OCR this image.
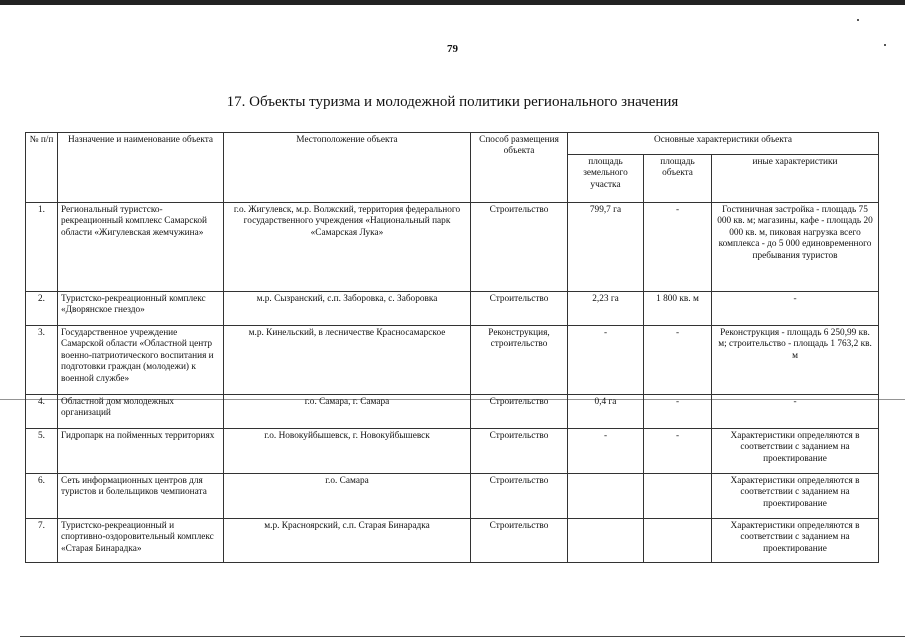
79
17. Объекты туризма и молодежной политики регионального значения
№ п/п	Назначение и наименование объекта	Местоположение объекта	Способ размещения объекта	Основные характеристики объекта		
				площадь земельного участка	площадь объекта	иные характеристики
1.	Региональный туристско-рекреационный комплекс Самарской области «Жигулевская жемчужина»	г.о. Жигулевск, м.р. Волжский, территория федерального государственного учреждения «Национальный парк «Самарская Лука»	Строительство	799,7 га	-	Гостиничная застройка - площадь 75 000 кв. м; магазины, кафе - площадь 20 000 кв. м, пиковая нагрузка всего комплекса - до 5 000 единовременного пребывания туристов
2.	Туристско-рекреационный комплекс «Дворянское гнездо»	м.р. Сызранский, с.п. Заборовка, с. Заборовка	Строительство	2,23 га	1 800 кв. м	-
3.	Государственное учреждение Самарской области «Областной центр военно-патриотического воспитания и подготовки граждан (молодежи) к военной службе»	м.р. Кинельский, в лесничестве Красносамарское	Реконструкция, строительство	-	-	Реконструкция - площадь 6 250,99 кв. м; строительство - площадь 1 763,2 кв. м
4.	Областной дом молодежных организаций	г.о. Самара, г. Самара	Строительство	0,4 га	-	-
5.	Гидропарк на пойменных территориях	г.о. Новокуйбышевск, г. Новокуйбышевск	Строительство	-	-	Характеристики определяются в соответствии с заданием на проектирование
6.	Сеть информационных центров для туристов и болельщиков чемпионата	г.о. Самара	Строительство			Характеристики определяются в соответствии с заданием на проектирование
7.	Туристско-рекреационный и спортивно-оздоровительный комплекс «Старая Бинарадка»	м.р. Красноярский, с.п. Старая Бинарадка	Строительство			Характеристики определяются в соответствии с заданием на проектирование
